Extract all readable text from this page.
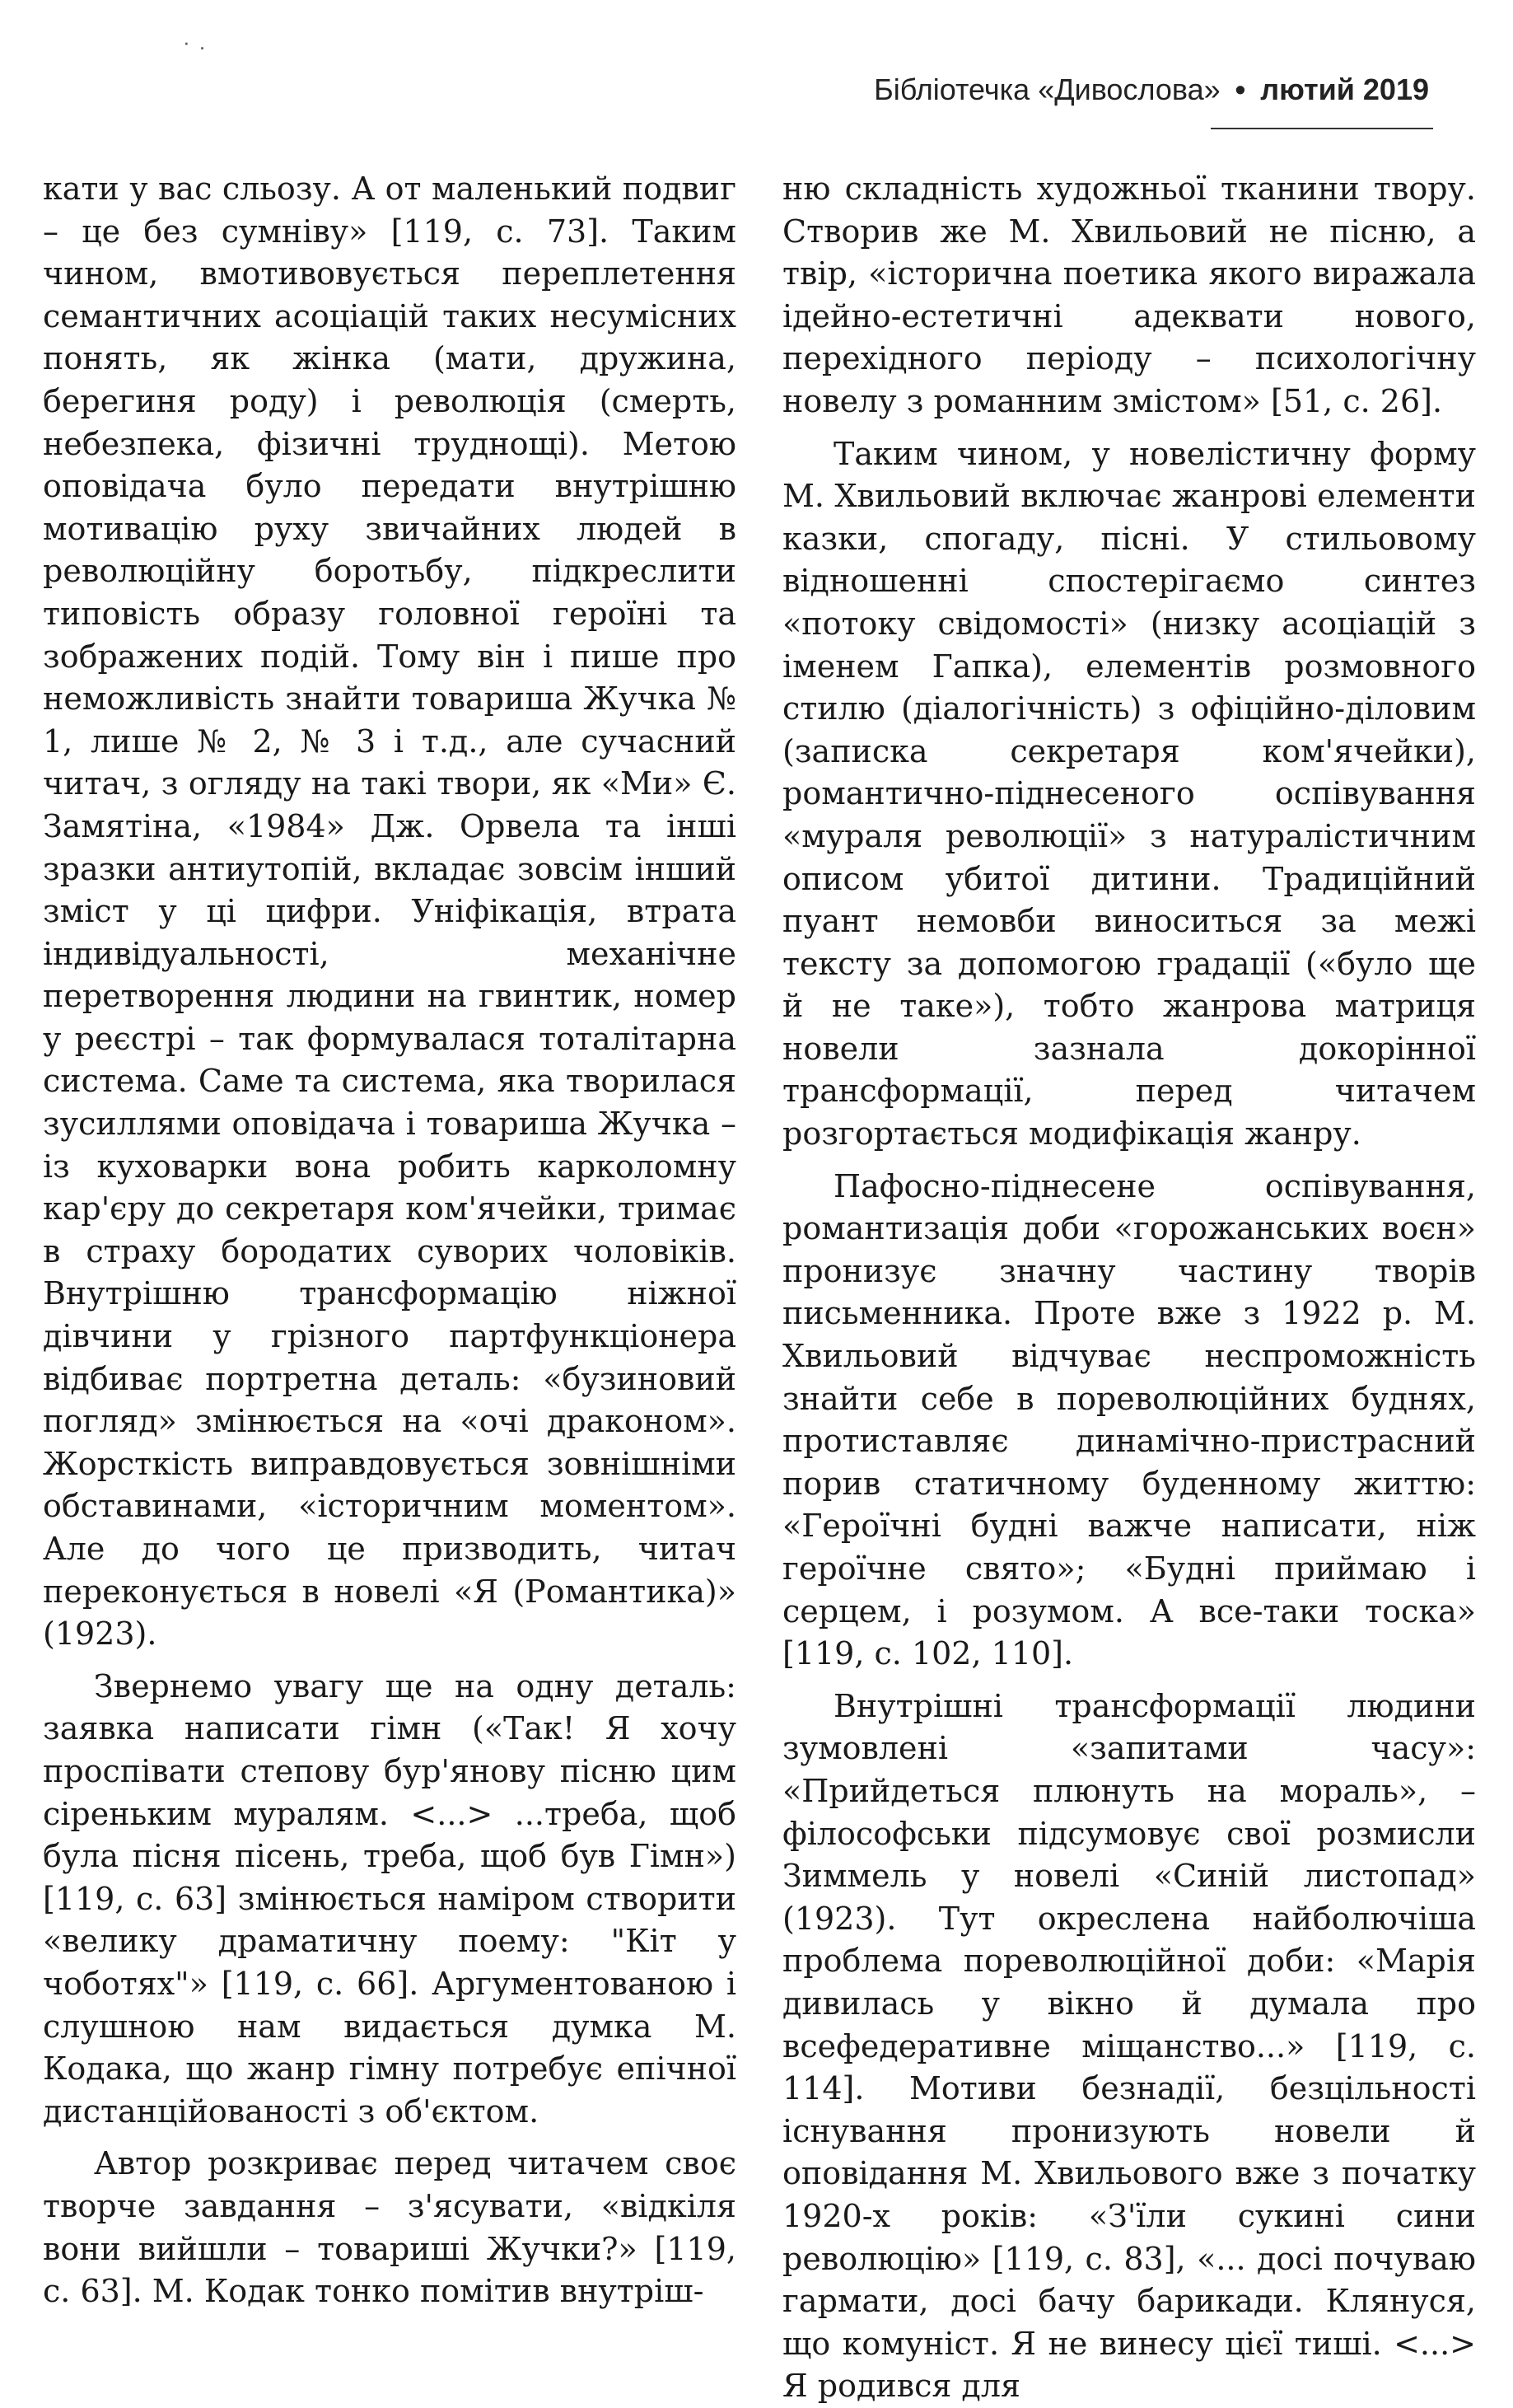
· .
Бібліотечка «Дивослова» • лютий 2019

кати у вас сльозу. А от маленький подвиг – це без сумніву» [119, с. 73]. Таким чином, вмотивовується переплетення семантичних асоціацій таких несумісних понять, як жінка (мати, дружина, берегиня роду) і революція (смерть, небезпека, фізичні труднощі). Метою оповідача було передати внутрішню мотивацію руху звичайних людей в революційну боротьбу, підкреслити типовість образу головної героїні та зображених подій. Тому він і пише про неможливість знайти товариша Жучка № 1, лише № 2, № 3 і т.д., але сучасний читач, з огляду на такі твори, як «Ми» Є. Замятіна, «1984» Дж. Орвела та інші зразки антиутопій, вкладає зовсім інший зміст у ці цифри. Уніфікація, втрата індивідуальності, механічне перетворення людини на гвинтик, номер у реєстрі – так формувалася тоталітарна система. Саме та система, яка творилася зусиллями оповідача і товариша Жучка – із куховарки вона робить карколомну кар'єру до секретаря ком'ячейки, тримає в страху бородатих суворих чоловіків. Внутрішню трансформацію ніжної дівчини у грізного партфункціонера відбиває портретна деталь: «бузиновий погляд» змінюється на «очі драконом». Жорсткість виправдовується зовнішніми обставинами, «історичним моментом». Але до чого це призводить, читач переконується в новелі «Я (Романтика)» (1923).

Звернемо увагу ще на одну деталь: заявка написати гімн («Так! Я хочу проспівати степову бур'янову пісню цим сіреньким муралям. <...> ...треба, щоб була пісня пісень, треба, щоб був Гімн») [119, с. 63] змінюється наміром створити «велику драматичну поему: "Кіт у чоботях"» [119, с. 66]. Аргументованою і слушною нам видається думка М. Кодака, що жанр гімну потребує епічної дистанційованості з об'єктом.

Автор розкриває перед читачем своє творче завдання – з'ясувати, «відкіля вони вийшли – товариші Жучки?» [119, с. 63]. М. Кодак тонко помітив внутріш-

ню складність художньої тканини твору. Створив же М. Хвильовий не пісню, а твір, «історична поетика якого виражала ідейно-естетичні адеквати нового, перехідного періоду – психологічну новелу з романним змістом» [51, с. 26].

Таким чином, у новелістичну форму М. Хвильовий включає жанрові елементи казки, спогаду, пісні. У стильовому відношенні спостерігаємо синтез «потоку свідомості» (низку асоціацій з іменем Гапка), елементів розмовного стилю (діалогічність) з офіційно-діловим (записка секретаря ком'ячейки), романтично-піднесеного оспівування «мураля революції» з натуралістичним описом убитої дитини. Традиційний пуант немовби виноситься за межі тексту за допомогою градації («було ще й не таке»), тобто жанрова матриця новели зазнала докорінної трансформації, перед читачем розгортається модифікація жанру.

Пафосно-піднесене оспівування, романтизація доби «горожанських воєн» пронизує значну частину творів письменника. Проте вже з 1922 р. М. Хвильовий відчуває неспроможність знайти себе в пореволюційних буднях, протиставляє динамічно-пристрасний порив статичному буденному життю: «Героїчні будні важче написати, ніж героїчне свято»; «Будні приймаю і серцем, і розумом. А все-таки тоска» [119, с. 102, 110].

Внутрішні трансформації людини зумовлені «запитами часу»: «Прийдеться плюнуть на мораль», – філософськи підсумовує свої розмисли Зиммель у новелі «Синій листопад» (1923). Тут окреслена найболючіша проблема пореволюційної доби: «Марія дивилась у вікно й думала про всефедеративне міщанство...» [119, с. 114]. Мотиви безнадії, безцільності існування пронизують новели й оповідання М. Хвильового вже з початку 1920-х років: «З'їли сукині сини революцію» [119, с. 83], «... досі почуваю гармати, досі бачу барикади. Клянуся, що комуніст. Я не винесу цієї тиші. <...> Я родився для
